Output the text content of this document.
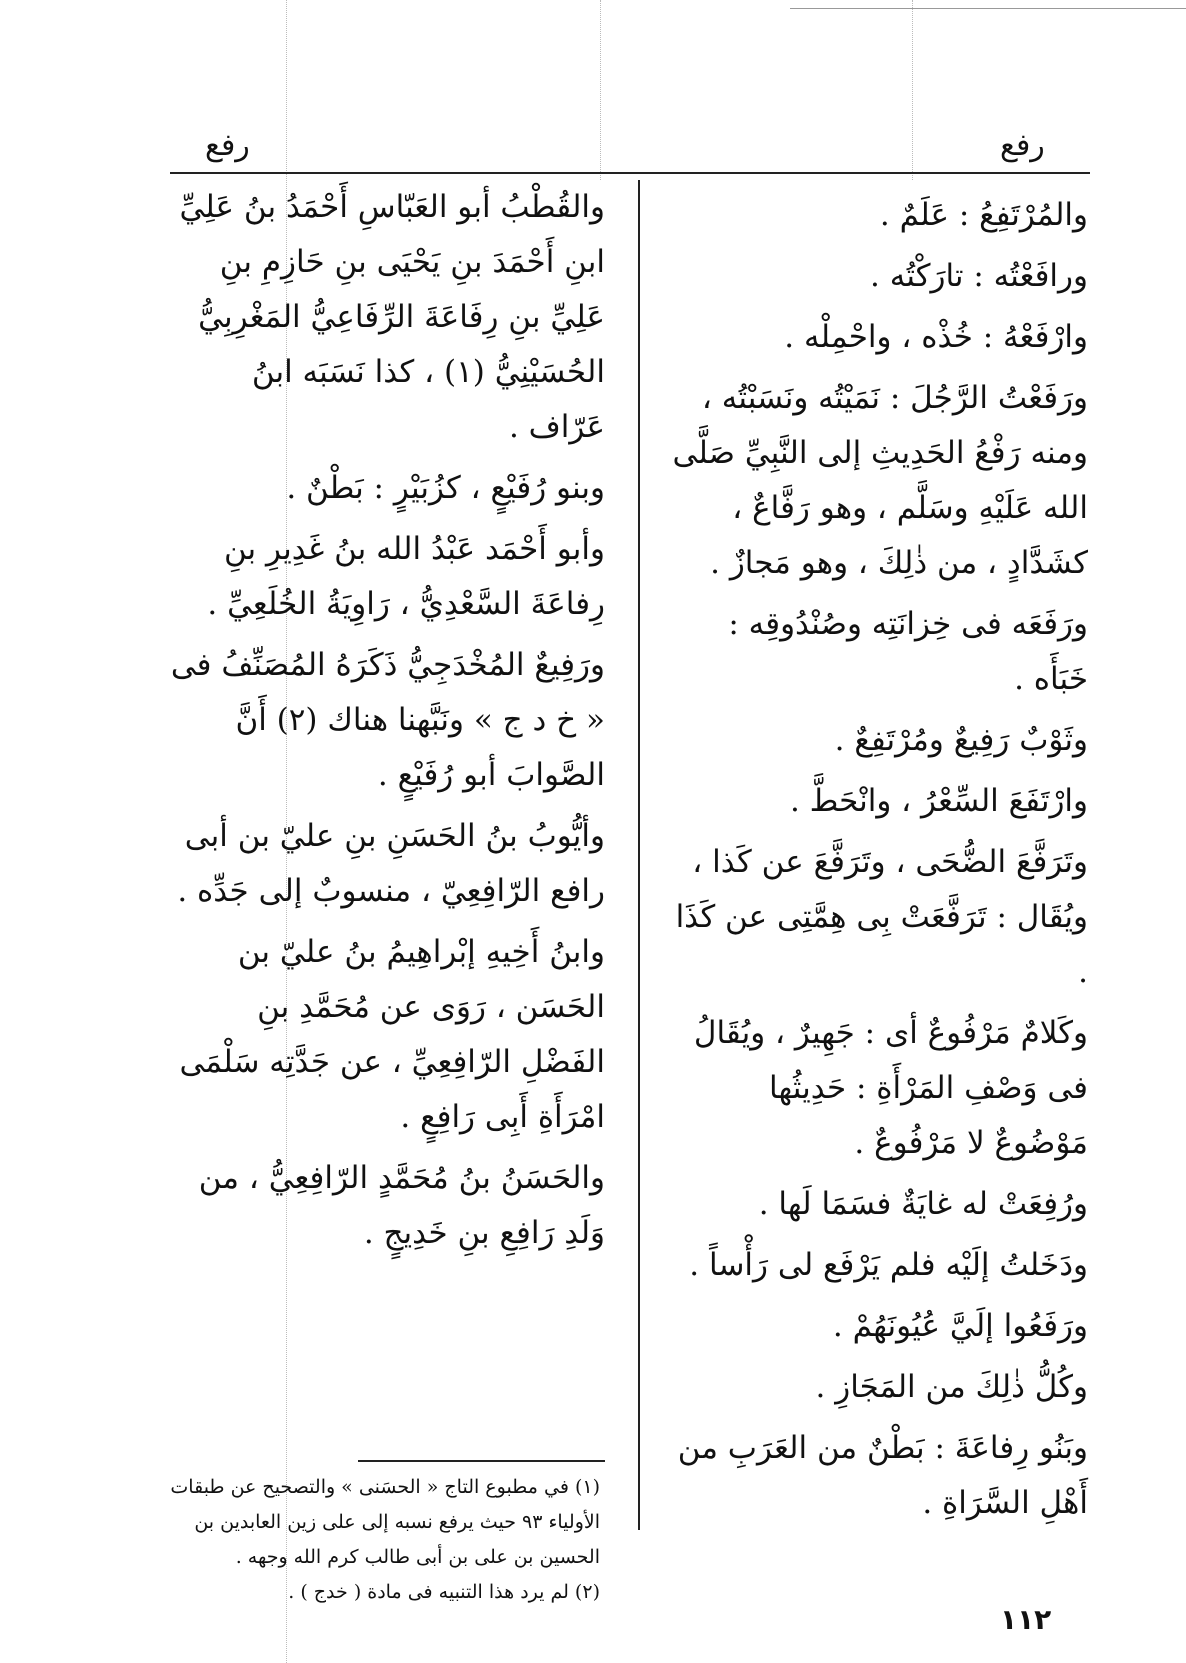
رفع
رفع

والمُرْتَفِعُ : عَلَمٌ .

ورافَعْتُه : تارَكْتُه .

وارْفَعْهُ : خُذْه ، واحْمِلْه .

ورَفَعْتُ الرَّجُلَ : نَمَيْتُه ونَسَبْتُه ، ومنه رَفْعُ الحَدِيثِ إلى النَّبِيِّ صَلَّى الله عَلَيْهِ وسَلَّم ، وهو رَفَّاعٌ ، كشَدَّادٍ ، من ذٰلِكَ ، وهو مَجازٌ .

ورَفَعَه فى خِزانَتِه وصُنْدُوقِه : خَبَأَه .

وثَوْبٌ رَفِيعٌ ومُرْتَفِعٌ .

وارْتَفَعَ السِّعْرُ ، وانْحَطَّ .

وتَرَفَّعَ الضُّحَى ، وتَرَفَّعَ عن كَذا ، ويُقَال : تَرَفَّعَتْ بِى هِمَّتِى عن كَذَا .

وكَلامٌ مَرْفُوعٌ أى : جَهِيرٌ ، ويُقَالُ فى وَصْفِ المَرْأَةِ : حَدِيثُها مَوْضُوعٌ لا مَرْفُوعٌ .

ورُفِعَتْ له غايَةٌ فسَمَا لَها .

ودَخَلتُ إلَيْه فلم يَرْفَع لى رَأْساً .

ورَفَعُوا إلَيَّ عُيُونَهُمْ .

وكُلُّ ذٰلِكَ من المَجَازِ .

وبَنُو رِفاعَةَ : بَطْنٌ من العَرَبِ من أَهْلِ السَّرَاةِ .

والقُطْبُ أبو العَبّاسِ أَحْمَدُ بنُ عَلِيِّ ابنِ أَحْمَدَ بنِ يَحْيَى بنِ حَازِمِ بنِ عَلِيِّ بنِ رِفَاعَةَ الرِّفَاعِيُّ المَغْرِبِيُّ الحُسَيْنِيُّ (١) ، كذا نَسَبَه ابنُ عَرّاف .

وبنو رُفَيْعٍ ، كزُبَيْرٍ : بَطْنٌ .

وأبو أَحْمَد عَبْدُ الله بنُ غَدِيرِ بنِ رِفاعَةَ السَّعْدِيُّ ، رَاوِيَةُ الخُلَعِيِّ .

ورَفِيعٌ المُخْدَجِيُّ ذَكَرَهُ المُصَنِّفُ فى « خ د ج » ونَبَّهنا هناك (٢) أَنَّ الصَّوابَ أبو رُفَيْعٍ .

وأيُّوبُ بنُ الحَسَنِ بنِ عليّ بن أبى رافع الرّافِعِيّ ، منسوبٌ إلى جَدِّه .

وابنُ أَخِيهِ إبْراهِيمُ بنُ عليّ بن الحَسَن ، رَوَى عن مُحَمَّدِ بنِ الفَضْلِ الرّافِعِيِّ ، عن جَدَّتِه سَلْمَى امْرَأَةِ أَبِى رَافِعٍ .

والحَسَنُ بنُ مُحَمَّدٍ الرّافِعِيُّ ، من وَلَدِ رَافِعِ بنِ خَدِيجٍ .

(١) في مطبوع التاج « الحسَنى » والتصحيح عن طبقات الأولياء ٩٣ حيث يرفع نسبه إلى على زين العابدين بن الحسين بن على بن أبى طالب كرم الله وجهه .

(٢) لم يرد هذا التنبيه فى مادة ( خدج ) .

١١٢
